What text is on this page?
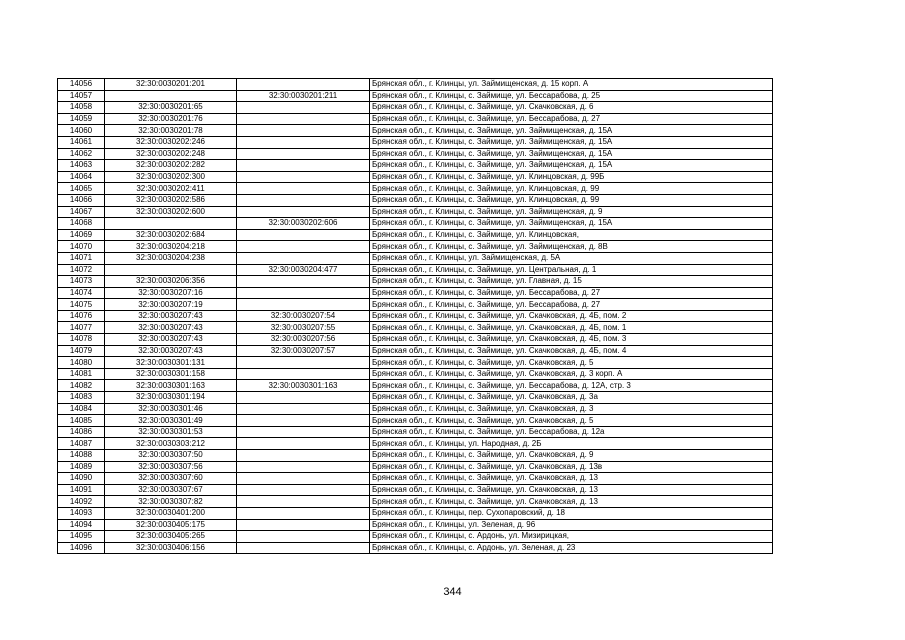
14056	32:30:0030201:201		Брянская обл., г. Клинцы, ул. Займищенская, д. 15 корп. А
14057		32:30:0030201:211	Брянская обл., г. Клинцы, с. Займище, ул. Бессарабова, д. 25
14058	32:30:0030201:65		Брянская обл., г. Клинцы, с. Займище, ул. Скачковская, д. 6
14059	32:30:0030201:76		Брянская обл., г. Клинцы, с. Займище, ул. Бессарабова, д. 27
14060	32:30:0030201:78		Брянская обл., г. Клинцы, с. Займище, ул. Займищенская, д. 15А
14061	32:30:0030202:246		Брянская обл., г. Клинцы, с. Займище, ул. Займищенская, д. 15А
14062	32:30:0030202:248		Брянская обл., г. Клинцы, с. Займище, ул. Займищенская, д. 15А
14063	32:30:0030202:282		Брянская обл., г. Клинцы, с. Займище, ул. Займищенская, д. 15А
14064	32:30:0030202:300		Брянская обл., г. Клинцы, с. Займище, ул. Клинцовская, д. 99Б
14065	32:30:0030202:411		Брянская обл., г. Клинцы, с. Займище, ул. Клинцовская, д. 99
14066	32:30:0030202:586		Брянская обл., г. Клинцы, с. Займище, ул. Клинцовская, д. 99
14067	32:30:0030202:600		Брянская обл., г. Клинцы, с. Займище, ул. Займищенская, д. 9
14068		32:30:0030202:606	Брянская обл., г. Клинцы, с. Займище, ул. Займищенская, д. 15А
14069	32:30:0030202:684		Брянская обл., г. Клинцы, с. Займище, ул. Клинцовская,
14070	32:30:0030204:218		Брянская обл., г. Клинцы, с. Займище, ул. Займищенская, д. 8В
14071	32:30:0030204:238		Брянская обл., г. Клинцы, ул. Займищенская, д. 5А
14072		32:30:0030204:477	Брянская обл., г. Клинцы, с. Займище, ул. Центральная, д. 1
14073	32:30:0030206:356		Брянская обл., г. Клинцы, с. Займище, ул. Главная, д. 15
14074	32:30:0030207:16		Брянская обл., г. Клинцы, с. Займище, ул. Бессарабова, д. 27
14075	32:30:0030207:19		Брянская обл., г. Клинцы, с. Займище, ул. Бессарабова, д. 27
14076	32:30:0030207:43	32:30:0030207:54	Брянская обл., г. Клинцы, с. Займище, ул. Скачковская, д. 4Б, пом. 2
14077	32:30:0030207:43	32:30:0030207:55	Брянская обл., г. Клинцы, с. Займище, ул. Скачковская, д. 4Б, пом. 1
14078	32:30:0030207:43	32:30:0030207:56	Брянская обл., г. Клинцы, с. Займище, ул. Скачковская, д. 4Б, пом. 3
14079	32:30:0030207:43	32:30:0030207:57	Брянская обл., г. Клинцы, с. Займище, ул. Скачковская, д. 4Б, пом. 4
14080	32:30:0030301:131		Брянская обл., г. Клинцы, с. Займище, ул. Скачковская, д. 5
14081	32:30:0030301:158		Брянская обл., г. Клинцы, с. Займище, ул. Скачковская, д. 3 корп. А
14082	32:30:0030301:163	32:30:0030301:163	Брянская обл., г. Клинцы, с. Займище, ул. Бессарабова, д. 12А, стр. 3
14083	32:30:0030301:194		Брянская обл., г. Клинцы, с. Займище, ул. Скачковская, д. 3а
14084	32:30:0030301:46		Брянская обл., г. Клинцы, с. Займище, ул. Скачковская, д. 3
14085	32:30:0030301:49		Брянская обл., г. Клинцы, с. Займище, ул. Скачковская, д. 5
14086	32:30:0030301:53		Брянская обл., г. Клинцы, с. Займище, ул. Бессарабова, д. 12а
14087	32:30:0030303:212		Брянская обл., г. Клинцы, ул. Народная, д. 2Б
14088	32:30:0030307:50		Брянская обл., г. Клинцы, с. Займище, ул. Скачковская, д. 9
14089	32:30:0030307:56		Брянская обл., г. Клинцы, с. Займище, ул. Скачковская, д. 13в
14090	32:30:0030307:60		Брянская обл., г. Клинцы, с. Займище, ул. Скачковская, д. 13
14091	32:30:0030307:67		Брянская обл., г. Клинцы, с. Займище, ул. Скачковская, д. 13
14092	32:30:0030307:82		Брянская обл., г. Клинцы, с. Займище, ул. Скачковская, д. 13
14093	32:30:0030401:200		Брянская обл., г. Клинцы, пер. Сухопаровский, д. 18
14094	32:30:0030405:175		Брянская обл., г. Клинцы, ул. Зеленая, д. 96
14095	32:30:0030405:265		Брянская обл., г. Клинцы, с. Ардонь, ул. Мизирицкая,
14096	32:30:0030406:156		Брянская обл., г. Клинцы, с. Ардонь, ул. Зеленая, д. 23
344
